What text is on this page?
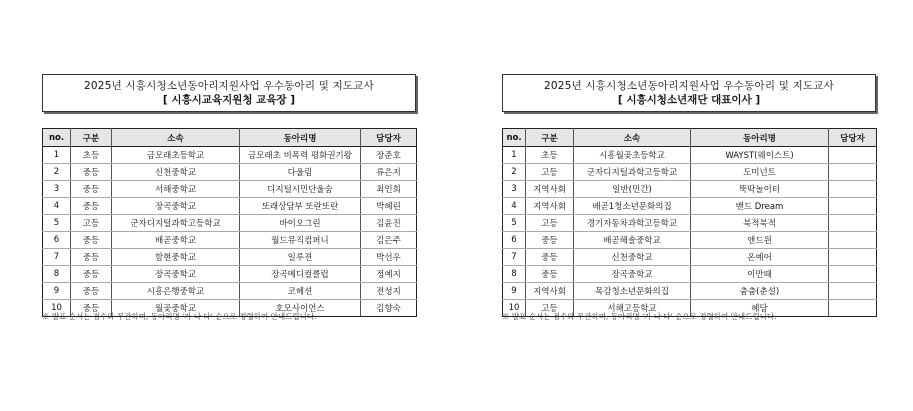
2025년 시흥시청소년동아리지원사업 우수동아리 및 지도교사
[ 시흥시교육지원청 교육장 ]
no.	구분	소속	동아리명	담당자
1	초등	금모래초등학교	금모래초 비폭력 평화권기왕	장준호
2	중등	신천중학교	다울림	류은지
3	중등	서해중학교	디지털시민단울숨	최인희
4	중등	장곡중학교	또래상담부 또란또란	박혜린
5	고등	군자디지털과학고등학교	바이오그린	김윤진
6	중등	배곧중학교	월드뮤직컴퍼니	김은주
7	중등	함현중학교	일루젼	박선우
8	중등	장곡중학교	장곡메디컬클럽	정예지
9	중등	시흥은행중학교	코헤션	전성지
10	중등	월곶중학교	호모사이언스	김향숙
※ 발표 순서는 점수와 무관하며, 동아리명 '가·나·다' 순으로 정렬하여 안내드립니다.
2025년 시흥시청소년동아리지원사업 우수동아리 및 지도교사
[ 시흥시청소년재단 대표이사 ]
no.	구분	소속	동아리명	담당자
1	초등	시흥월곶초등학교	WAYST(웨이스트)	
2	고등	군자디지털과학고등학교	도미넌트	
3	지역사회	일반(민간)	뚝딱놀이터	
4	지역사회	배곧1청소년문화의집	밴드 Dream	
5	고등	경기자동차과학고등학교	북적북적	
6	중등	배곧해솔중학교	앤드원	
7	중등	신천중학교	온예어	
8	중등	장곡중학교	이만때	
9	지역사회	목감청소년문화의집	춤춤(춘설)	
10	고등	서해고등학교	헤담	
※ 발표 순서는 점수와 무관하며, 동아리명 '가·나·다' 순으로 정렬하여 안내드립니다.
